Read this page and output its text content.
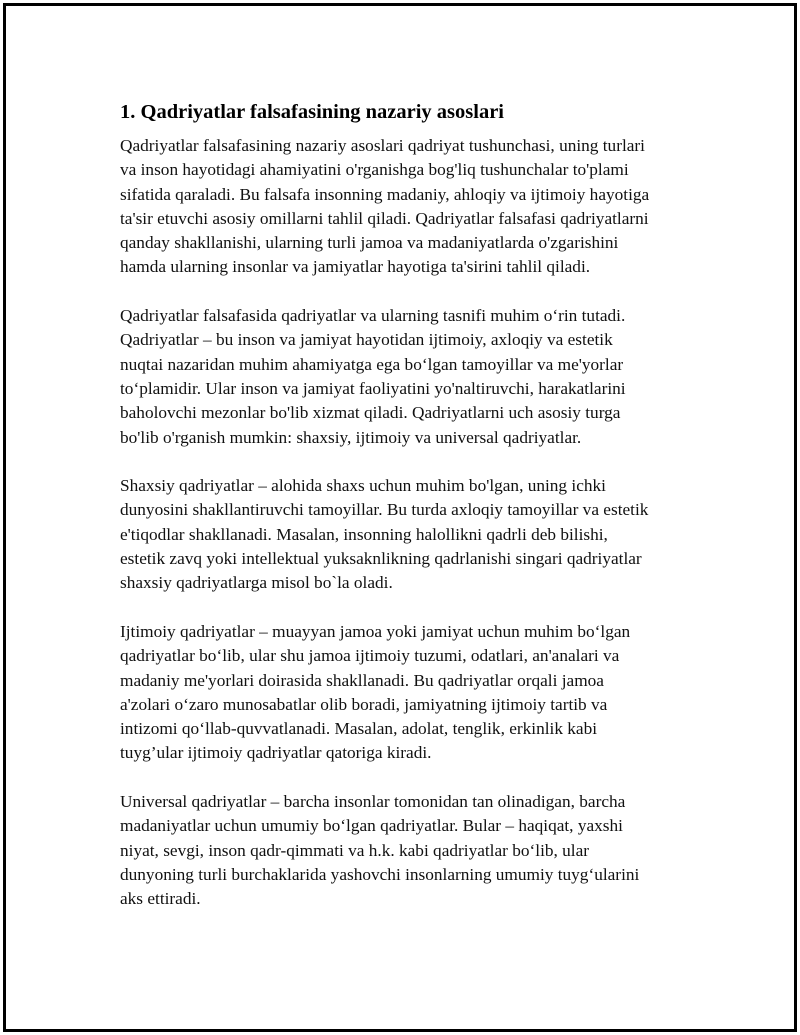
1. Qadriyatlar falsafasining nazariy asoslari

Qadriyatlar falsafasining nazariy asoslari qadriyat tushunchasi, uning turlari
va inson hayotidagi ahamiyatini o'rganishga bog'liq tushunchalar to'plami
sifatida qaraladi. Bu falsafa insonning madaniy, ahloqiy va ijtimoiy hayotiga
ta'sir etuvchi asosiy omillarni tahlil qiladi. Qadriyatlar falsafasi qadriyatlarni
qanday shakllanishi, ularning turli jamoa va madaniyatlarda o'zgarishini
hamda ularning insonlar va jamiyatlar hayotiga ta'sirini tahlil qiladi.

Qadriyatlar falsafasida qadriyatlar va ularning tasnifi muhim o‘rin tutadi.
Qadriyatlar – bu inson va jamiyat hayotidan ijtimoiy, axloqiy va estetik
nuqtai nazaridan muhim ahamiyatga ega bo‘lgan tamoyillar va me'yorlar
to‘plamidir. Ular inson va jamiyat faoliyatini yo'naltiruvchi, harakatlarini
baholovchi mezonlar bo'lib xizmat qiladi. Qadriyatlarni uch asosiy turga
bo'lib o'rganish mumkin: shaxsiy, ijtimoiy va universal qadriyatlar.

Shaxsiy qadriyatlar – alohida shaxs uchun muhim bo'lgan, uning ichki
dunyosini shakllantiruvchi tamoyillar. Bu turda axloqiy tamoyillar va estetik
e'tiqodlar shakllanadi. Masalan, insonning halollikni qadrli deb bilishi,
estetik zavq yoki intellektual yuksaknlikning qadrlanishi singari qadriyatlar
shaxsiy qadriyatlarga misol bo`la oladi.

Ijtimoiy qadriyatlar – muayyan jamoa yoki jamiyat uchun muhim bo‘lgan
qadriyatlar bo‘lib, ular shu jamoa ijtimoiy tuzumi, odatlari, an'analari va
madaniy me'yorlari doirasida shakllanadi. Bu qadriyatlar orqali jamoa
a'zolari o‘zaro munosabatlar olib boradi, jamiyatning ijtimoiy tartib va
intizomi qo‘llab-quvvatlanadi. Masalan, adolat, tenglik, erkinlik kabi
tuyg’ular ijtimoiy qadriyatlar qatoriga kiradi.

Universal qadriyatlar – barcha insonlar tomonidan tan olinadigan, barcha
madaniyatlar uchun umumiy bo‘lgan qadriyatlar. Bular – haqiqat, yaxshi
niyat, sevgi, inson qadr-qimmati va h.k. kabi qadriyatlar bo‘lib, ular
dunyoning turli burchaklarida yashovchi insonlarning umumiy tuyg‘ularini
aks ettiradi.
